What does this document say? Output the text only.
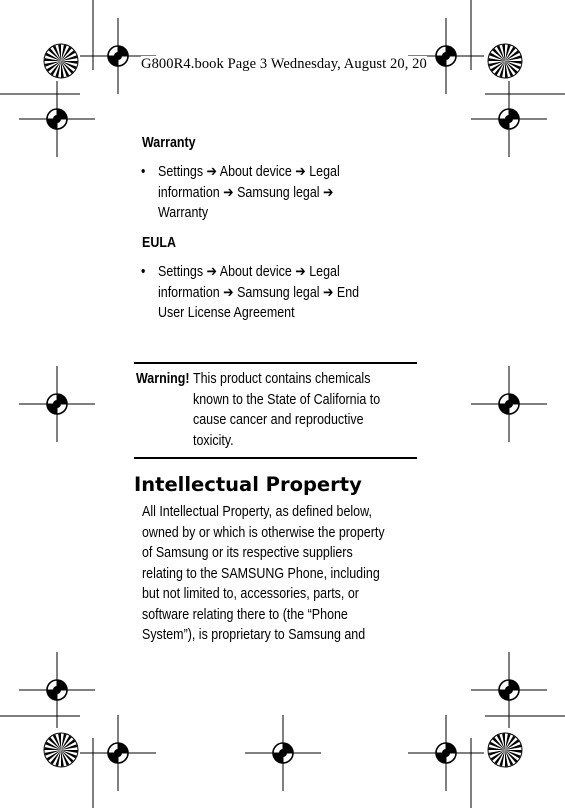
G800R4.book Page 3 Wednesday, August 20, 20
Warranty
• Settings ➔ About device ➔ Legal
information ➔ Samsung legal ➔
Warranty
EULA
• Settings ➔ About device ➔ Legal
information ➔ Samsung legal ➔ End
User License Agreement
Warning! This product contains chemicals
known to the State of California to
cause cancer and reproductive
toxicity.
Intellectual Property
All Intellectual Property, as defined below,
owned by or which is otherwise the property
of Samsung or its respective suppliers
relating to the SAMSUNG Phone, including
but not limited to, accessories, parts, or
software relating there to (the “Phone
System”), is proprietary to Samsung and
